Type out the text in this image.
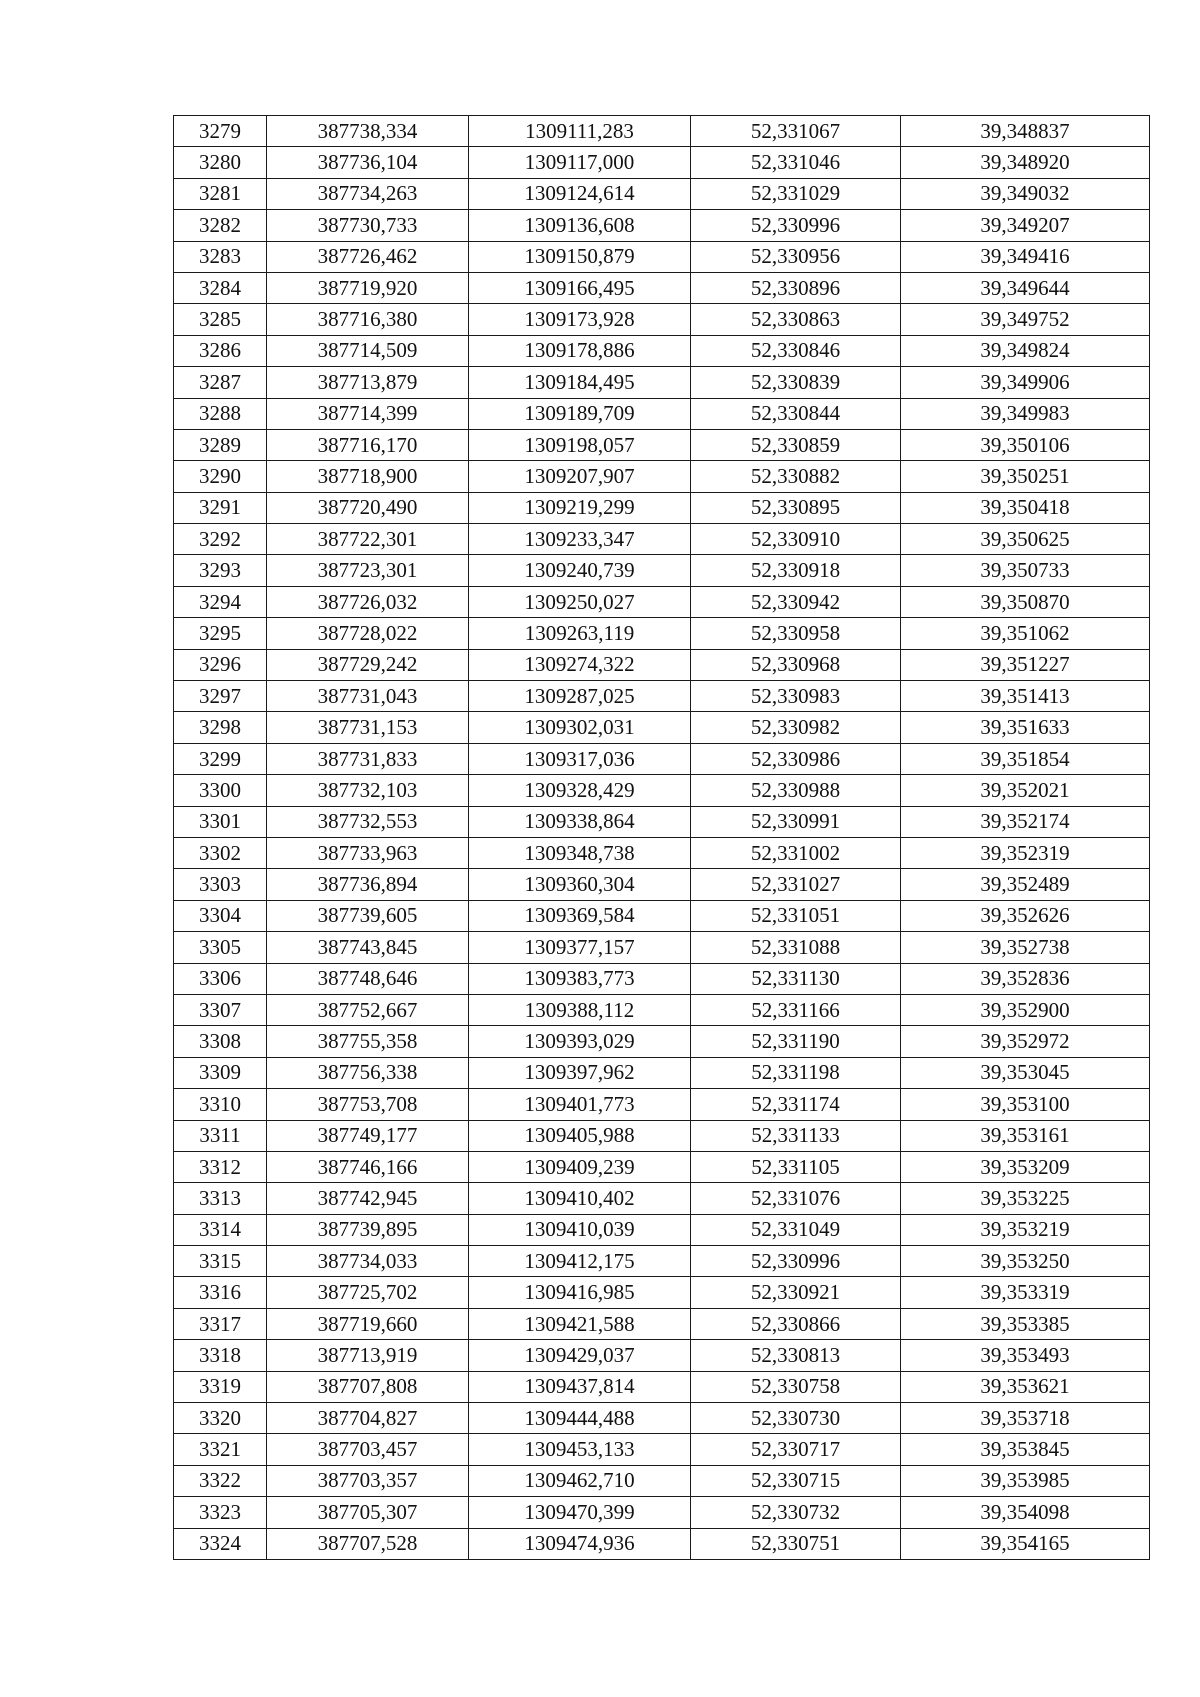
3279	387738,334	1309111,283	52,331067	39,348837
3280	387736,104	1309117,000	52,331046	39,348920
3281	387734,263	1309124,614	52,331029	39,349032
3282	387730,733	1309136,608	52,330996	39,349207
3283	387726,462	1309150,879	52,330956	39,349416
3284	387719,920	1309166,495	52,330896	39,349644
3285	387716,380	1309173,928	52,330863	39,349752
3286	387714,509	1309178,886	52,330846	39,349824
3287	387713,879	1309184,495	52,330839	39,349906
3288	387714,399	1309189,709	52,330844	39,349983
3289	387716,170	1309198,057	52,330859	39,350106
3290	387718,900	1309207,907	52,330882	39,350251
3291	387720,490	1309219,299	52,330895	39,350418
3292	387722,301	1309233,347	52,330910	39,350625
3293	387723,301	1309240,739	52,330918	39,350733
3294	387726,032	1309250,027	52,330942	39,350870
3295	387728,022	1309263,119	52,330958	39,351062
3296	387729,242	1309274,322	52,330968	39,351227
3297	387731,043	1309287,025	52,330983	39,351413
3298	387731,153	1309302,031	52,330982	39,351633
3299	387731,833	1309317,036	52,330986	39,351854
3300	387732,103	1309328,429	52,330988	39,352021
3301	387732,553	1309338,864	52,330991	39,352174
3302	387733,963	1309348,738	52,331002	39,352319
3303	387736,894	1309360,304	52,331027	39,352489
3304	387739,605	1309369,584	52,331051	39,352626
3305	387743,845	1309377,157	52,331088	39,352738
3306	387748,646	1309383,773	52,331130	39,352836
3307	387752,667	1309388,112	52,331166	39,352900
3308	387755,358	1309393,029	52,331190	39,352972
3309	387756,338	1309397,962	52,331198	39,353045
3310	387753,708	1309401,773	52,331174	39,353100
3311	387749,177	1309405,988	52,331133	39,353161
3312	387746,166	1309409,239	52,331105	39,353209
3313	387742,945	1309410,402	52,331076	39,353225
3314	387739,895	1309410,039	52,331049	39,353219
3315	387734,033	1309412,175	52,330996	39,353250
3316	387725,702	1309416,985	52,330921	39,353319
3317	387719,660	1309421,588	52,330866	39,353385
3318	387713,919	1309429,037	52,330813	39,353493
3319	387707,808	1309437,814	52,330758	39,353621
3320	387704,827	1309444,488	52,330730	39,353718
3321	387703,457	1309453,133	52,330717	39,353845
3322	387703,357	1309462,710	52,330715	39,353985
3323	387705,307	1309470,399	52,330732	39,354098
3324	387707,528	1309474,936	52,330751	39,354165
